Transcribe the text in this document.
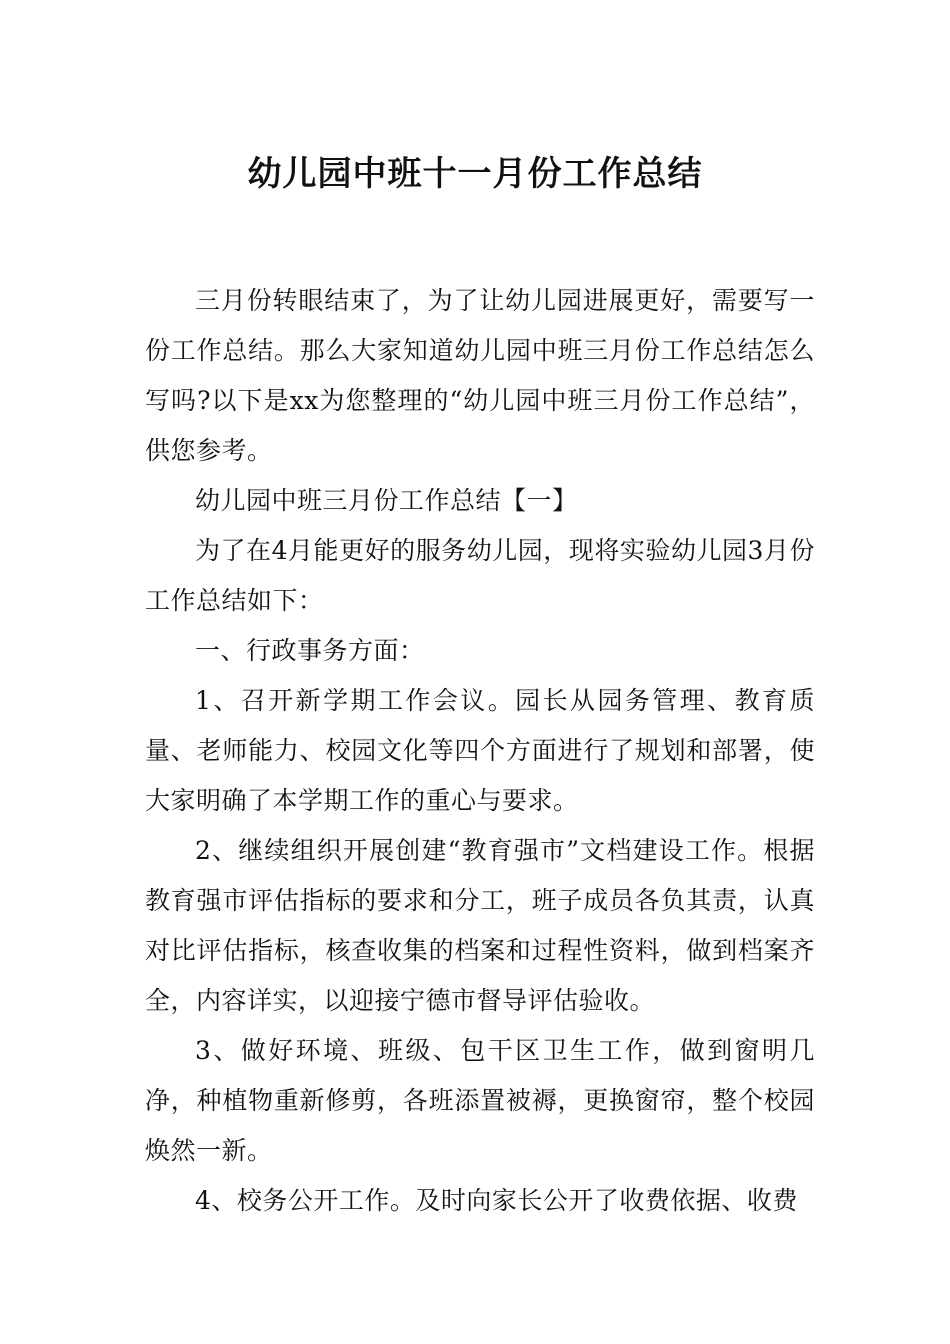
幼儿园中班十一月份工作总结

三月份转眼结束了，为了让幼儿园进展更好，需要写一份工作总结。那么大家知道幼儿园中班三月份工作总结怎么写吗?以下是xx为您整理的“幼儿园中班三月份工作总结”，供您参考。

幼儿园中班三月份工作总结【一】

为了在4月能更好的服务幼儿园，现将实验幼儿园3月份工作总结如下：

一、行政事务方面：

1、召开新学期工作会议。园长从园务管理、教育质量、老师能力、校园文化等四个方面进行了规划和部署，使大家明确了本学期工作的重心与要求。

2、继续组织开展创建“教育强市”文档建设工作。根据教育强市评估指标的要求和分工，班子成员各负其责，认真对比评估指标，核查收集的档案和过程性资料，做到档案齐全，内容详实，以迎接宁德市督导评估验收。

3、做好环境、班级、包干区卫生工作，做到窗明几净，种植物重新修剪，各班添置被褥，更换窗帘，整个校园焕然一新。

4、校务公开工作。及时向家长公开了收费依据、收费
